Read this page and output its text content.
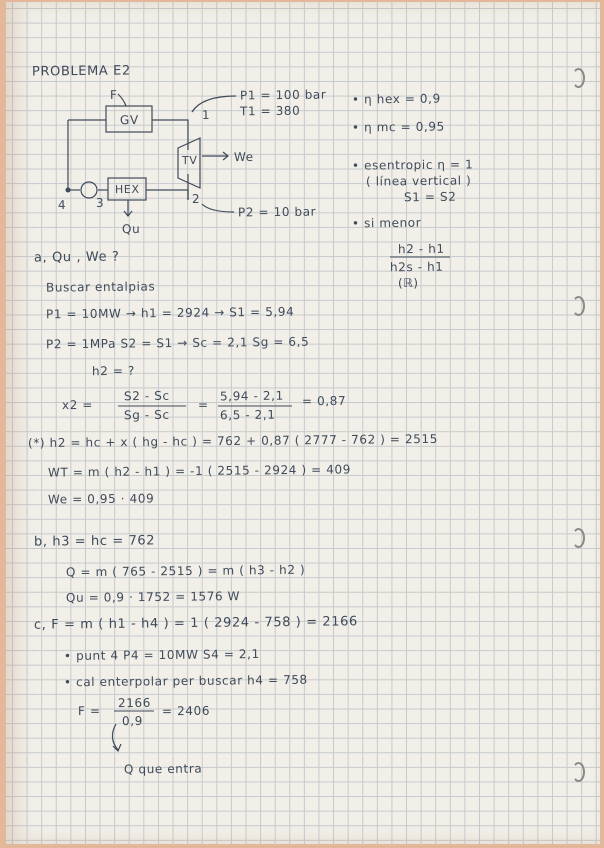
PROBLEMA E2
GV
HEX
TV
F
We
Qu
1
2
3
4
P1 = 100 bar
T1 = 380
P2 = 10 bar
• η hex = 0,9
• η mc = 0,95
• esentropic η = 1
( línea vertical )
S1 = S2
• si menor
h2 - h1
h2s - h1
(ℝ)
a, Qu , We ?
Buscar entalpias
P1 = 10MW → h1 = 2924 → S1 = 5,94
P2 = 1MPa S2 = S1 → Sc = 2,1 Sg = 6,5
h2 = ?
x2 =
S2 - Sc
Sg - Sc
=
5,94 - 2,1
6,5 - 2,1
= 0,87
(*) h2 = hc + x ( hg - hc ) = 762 + 0,87 ( 2777 - 762 ) = 2515
WT = m ( h2 - h1 ) = -1 ( 2515 - 2924 ) = 409
We = 0,95 · 409
b, h3 = hc = 762
Q = m ( 765 - 2515 ) = m ( h3 - h2 )
Qu = 0,9 · 1752 = 1576 W
c, F = m ( h1 - h4 ) = 1 ( 2924 - 758 ) = 2166
• punt 4 P4 = 10MW S4 = 2,1
• cal enterpolar per buscar h4 = 758
F =
2166
0,9
= 2406
Q que entra
